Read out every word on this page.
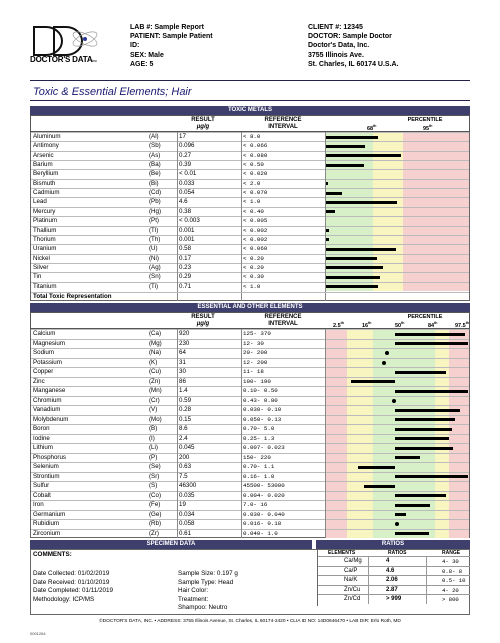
DOCTOR'S DATAinc
LAB #: Sample Report
PATIENT: Sample Patient
ID:
SEX: Male
AGE: 5
CLIENT #: 12345
DOCTOR: Sample Doctor
Doctor's Data, Inc.
3755 Illinois Ave.
St. Charles, IL 60174 U.S.A.
Toxic & Essential Elements; Hair
TOXIC METALS
RESULT
µg/g
REFERENCE
INTERVAL
PERCENTILE
68th	95th
Aluminum	(Al)	17	< 8.0
Antimony	(Sb)	0.096	< 0.066
Arsenic	(As)	0.27	< 0.080
Barium	(Ba)	0.39	< 0.50
Beryllium	(Be)	< 0.01	< 0.020
Bismuth	(Bi)	0.033	< 2.0
Cadmium	(Cd)	0.054	< 0.070
Lead	(Pb)	4.6	< 1.0
Mercury	(Hg)	0.38	< 0.40
Platinum	(Pt)	< 0.003	< 0.005
Thallium	(Tl)	0.001	< 0.002
Thorium	(Th)	0.001	< 0.002
Uranium	(U)	0.58	< 0.060
Nickel	(Ni)	0.17	< 0.20
Silver	(Ag)	0.23	< 0.20
Tin	(Sn)	0.29	< 0.30
Titanium	(Ti)	0.71	< 1.0
Total Toxic Representation
ESSENTIAL AND OTHER ELEMENTS
RESULT
µg/g
REFERENCE
INTERVAL
PERCENTILE
2.5th	16th	50th	84th	97.5th
Calcium	(Ca)	920	125- 370
Magnesium	(Mg)	230	12- 30
Sodium	(Na)	64	20- 200
Potassium	(K)	31	12- 200
Copper	(Cu)	30	11- 18
Zinc	(Zn)	86	100- 190
Manganese	(Mn)	1.4	0.10- 0.50
Chromium	(Cr)	0.59	0.43- 0.80
Vanadium	(V)	0.28	0.030- 0.10
Molybdenum	(Mo)	0.15	0.050- 0.13
Boron	(B)	8.6	0.70- 5.0
Iodine	(I)	2.4	0.25- 1.3
Lithium	(Li)	0.045	0.007- 0.023
Phosphorus	(P)	200	150- 220
Selenium	(Se)	0.63	0.70- 1.1
Strontium	(Sr)	7.5	0.16- 1.0
Sulfur	(S)	46300	45500- 53000
Cobalt	(Co)	0.035	0.004- 0.020
Iron	(Fe)	19	7.0- 16
Germanium	(Ge)	0.034	0.030- 0.040
Rubidium	(Rb)	0.058	0.016- 0.18
Zirconium	(Zr)	0.61	0.040- 1.0
SPECIMEN DATA	RATIOS
COMMENTS:
Date Collected: 01/02/2019
Date Received: 01/10/2019
Date Completed: 01/11/2019
Methodology: ICP/MS
Sample Size: 0.197 g
Sample Type: Head
Hair Color:
Treatment:
Shampoo: Neutro
ELEMENTS	RATIOS	RANGE
Ca/Mg	4	4- 30
Ca/P	4.6	0.8- 8
Na/K	2.06	0.5- 10
Zn/Cu	2.87	4- 20
Zn/Cd	> 999	> 800
©DOCTOR'S DATA, INC. • ADDRESS: 3755 Illinois Avenue, St. Charles, IL 60174-2420 • CLIA ID NO: 14D0646470 • LAB DIR: Erlo Roth, MD
0001264
